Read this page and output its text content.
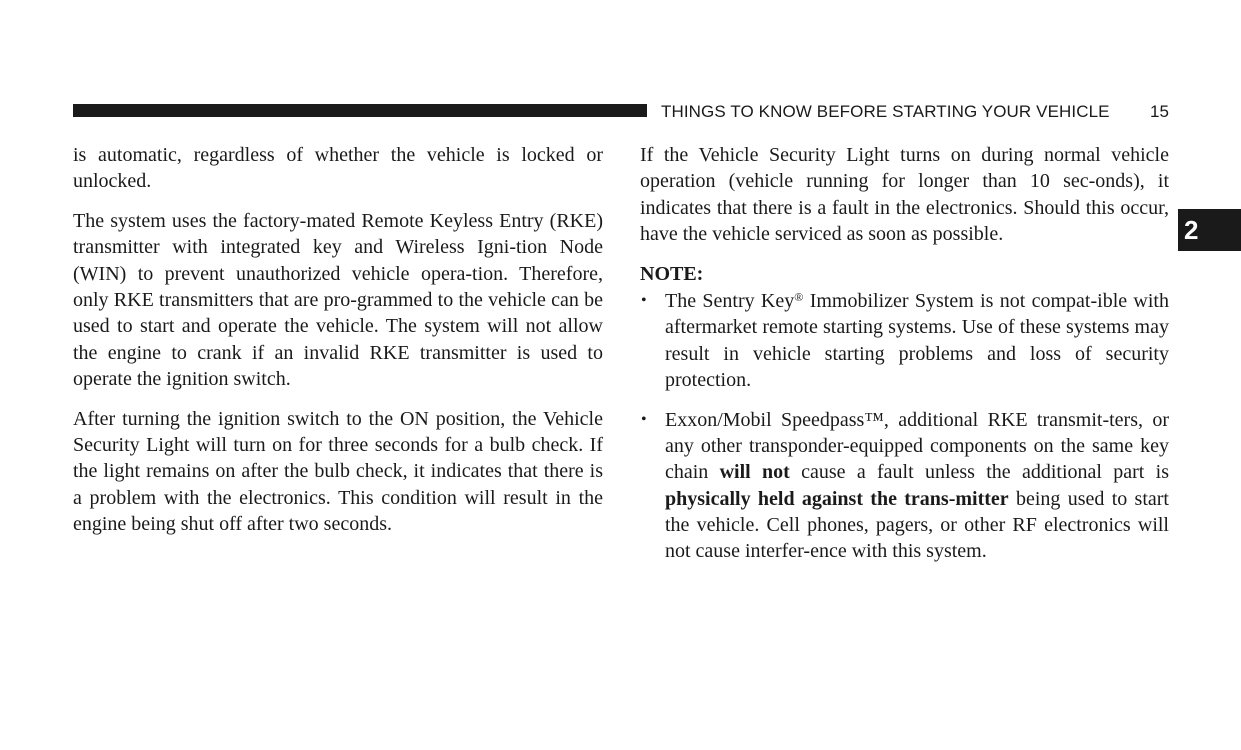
THINGS TO KNOW BEFORE STARTING YOUR VEHICLE 15
2

is automatic, regardless of whether the vehicle is locked or unlocked.

The system uses the factory-mated Remote Keyless Entry (RKE) transmitter with integrated key and Wireless Igni-tion Node (WIN) to prevent unauthorized vehicle opera-tion. Therefore, only RKE transmitters that are pro-grammed to the vehicle can be used to start and operate the vehicle. The system will not allow the engine to crank if an invalid RKE transmitter is used to operate the ignition switch.

After turning the ignition switch to the ON position, the Vehicle Security Light will turn on for three seconds for a bulb check. If the light remains on after the bulb check, it indicates that there is a problem with the electronics. This condition will result in the engine being shut off after two seconds.

If the Vehicle Security Light turns on during normal vehicle operation (vehicle running for longer than 10 sec-onds), it indicates that there is a fault in the electronics. Should this occur, have the vehicle serviced as soon as possible.

NOTE:

• The Sentry Key® Immobilizer System is not compat-ible with aftermarket remote starting systems. Use of these systems may result in vehicle starting problems and loss of security protection.
• Exxon/Mobil Speedpass™, additional RKE transmit-ters, or any other transponder-equipped components on the same key chain will not cause a fault unless the additional part is physically held against the trans-mitter being used to start the vehicle. Cell phones, pagers, or other RF electronics will not cause interfer-ence with this system.
